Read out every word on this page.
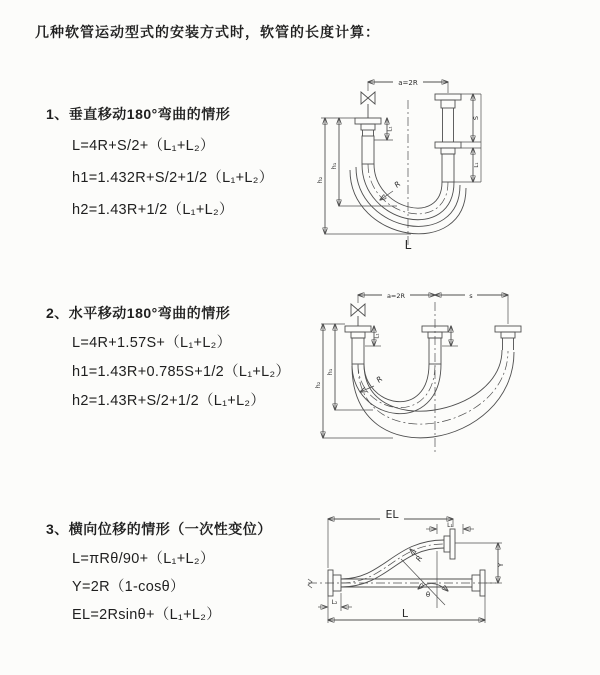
几种软管运动型式的安装方式时，软管的长度计算：
1、垂直移动180°弯曲的情形
L=4R+S/2+（L₁+L₂）
h1=1.432R+S/2+1/2（L₁+L₂）
h2=1.43R+1/2（L₁+L₂）
2、水平移动180°弯曲的情形
L=4R+1.57S+（L₁+L₂）
h1=1.43R+0.785S+1/2（L₁+L₂）
h2=1.43R+S/2+1/2（L₁+L₂）
3、横向位移的情形（一次性变位）
L=πRθ/90+（L₁+L₂）
Y=2R（1-cosθ）
EL=2Rsinθ+（L₁+L₂）
a=2R
R
h₂
h₁
L₁
S
L₁
L
a=2R	s
R
h₂
h₁
L₁
EL
L₁
θ
R
Y
L₂
L
